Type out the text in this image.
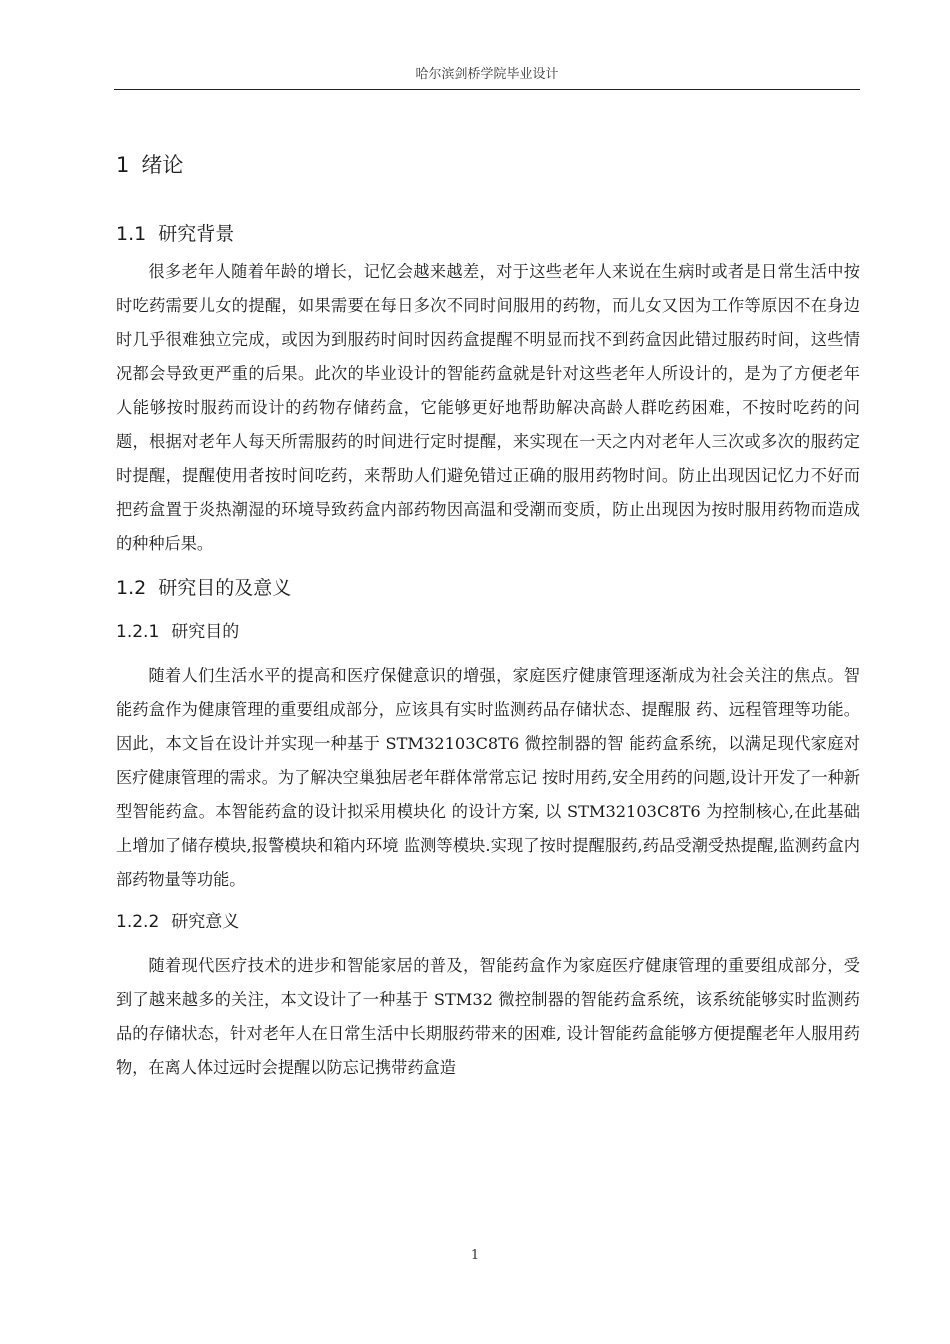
哈尔滨剑桥学院毕业设计
1 绪论
1.1 研究背景

很多老年人随着年龄的增长，记忆会越来越差，对于这些老年人来说在生病时或者是日常生活中按时吃药需要儿女的提醒，如果需要在每日多次不同时间服用的药物，而儿女又因为工作等原因不在身边时几乎很难独立完成，或因为到服药时间时因药盒提醒不明显而找不到药盒因此错过服药时间，这些情况都会导致更严重的后果。此次的毕业设计的智能药盒就是针对这些老年人所设计的，是为了方便老年人能够按时服药而设计的药物存储药盒，它能够更好地帮助解决高龄人群吃药困难，不按时吃药的问题，根据对老年人每天所需服药的时间进行定时提醒，来实现在一天之内对老年人三次或多次的服药定时提醒，提醒使用者按时间吃药，来帮助人们避免错过正确的服用药物时间。防止出现因记忆力不好而把药盒置于炎热潮湿的环境导致药盒内部药物因高温和受潮而变质，防止出现因为按时服用药物而造成的种种后果。

1.2 研究目的及意义
1.2.1 研究目的

随着人们生活水平的提高和医疗保健意识的增强，家庭医疗健康管理逐渐成为社会关注的焦点。智能药盒作为健康管理的重要组成部分，应该具有实时监测药品存储状态、提醒服 药、远程管理等功能。因此，本文旨在设计并实现一种基于 STM32103C8T6 微控制器的智 能药盒系统，以满足现代家庭对医疗健康管理的需求。为了解决空巢独居老年群体常常忘记 按时用药,安全用药的问题,设计开发了一种新型智能药盒。本智能药盒的设计拟采用模块化 的设计方案, 以 STM32103C8T6 为控制核心,在此基础上增加了储存模块,报警模块和箱内环境 监测等模块.实现了按时提醒服药,药品受潮受热提醒,监测药盒内部药物量等功能。

1.2.2 研究意义

随着现代医疗技术的进步和智能家居的普及，智能药盒作为家庭医疗健康管理的重要组成部分，受到了越来越多的关注，本文设计了一种基于 STM32 微控制器的智能药盒系统，该系统能够实时监测药品的存储状态，针对老年人在日常生活中长期服药带来的困难, 设计智能药盒能够方便提醒老年人服用药物，在离人体过远时会提醒以防忘记携带药盒造

1
